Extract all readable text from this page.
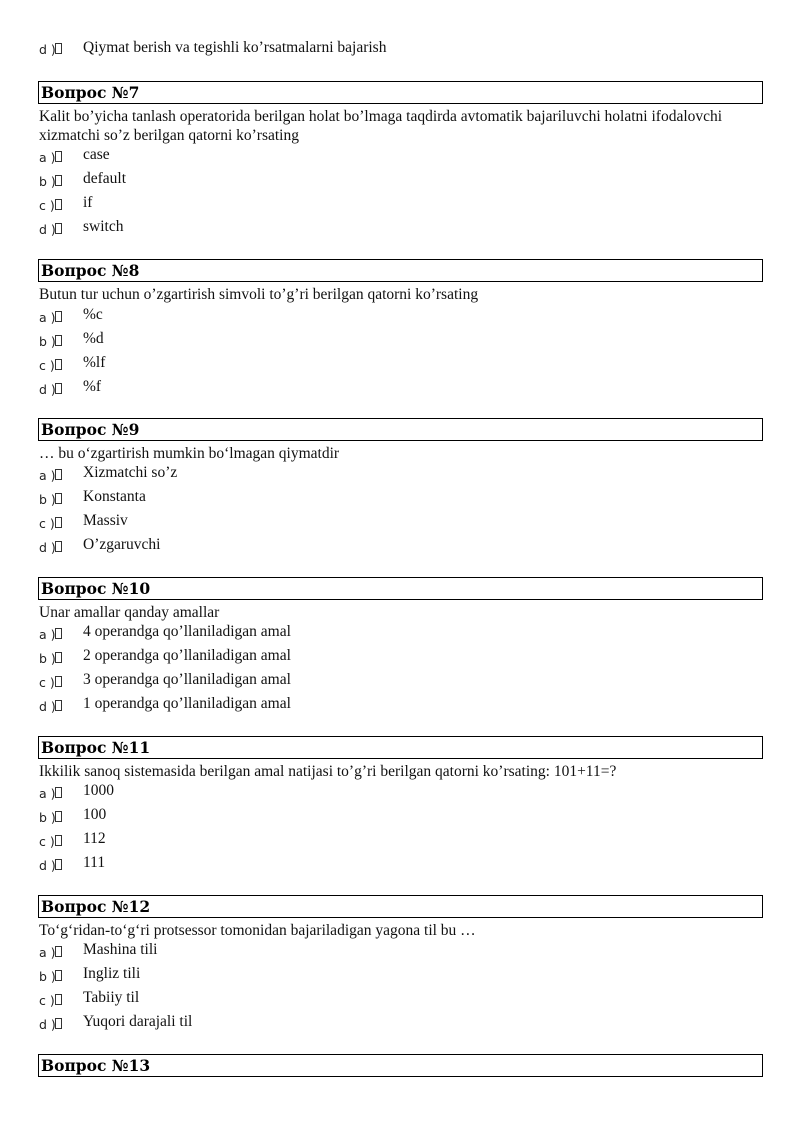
d ) Qiymat berish va tegishli ko’rsatmalarni bajarish
Вопрос №7
Kalit bo’yicha tanlash operatorida berilgan holat bo’lmaga taqdirda avtomatik bajariluvchi holatni ifodalovchi xizmatchi so’z berilgan qatorni ko’rsating
a ) case
b ) default
c ) if
d ) switch
Вопрос №8
Butun tur uchun o’zgartirish simvoli to’g’ri berilgan qatorni ko’rsating
a ) %c
b ) %d
c ) %lf
d ) %f
Вопрос №9
… bu o‘zgartirish mumkin bo‘lmagan qiymatdir
a ) Xizmatchi so’z
b ) Konstanta
c ) Massiv
d ) O’zgaruvchi
Вопрос №10
Unar amallar qanday amallar
a ) 4 operandga qo’llaniladigan amal
b ) 2 operandga qo’llaniladigan amal
c ) 3 operandga qo’llaniladigan amal
d ) 1 operandga qo’llaniladigan amal
Вопрос №11
Ikkilik sanoq sistemasida berilgan amal natijasi to’g’ri berilgan qatorni ko’rsating: 101+11=?
a ) 1000
b ) 100
c ) 112
d ) 111
Вопрос №12
To‘g‘ridan-to‘g‘ri protsessor tomonidan bajariladigan yagona til bu …
a ) Mashina tili
b ) Ingliz tili
c ) Tabiiy til
d ) Yuqori darajali til
Вопрос №13
